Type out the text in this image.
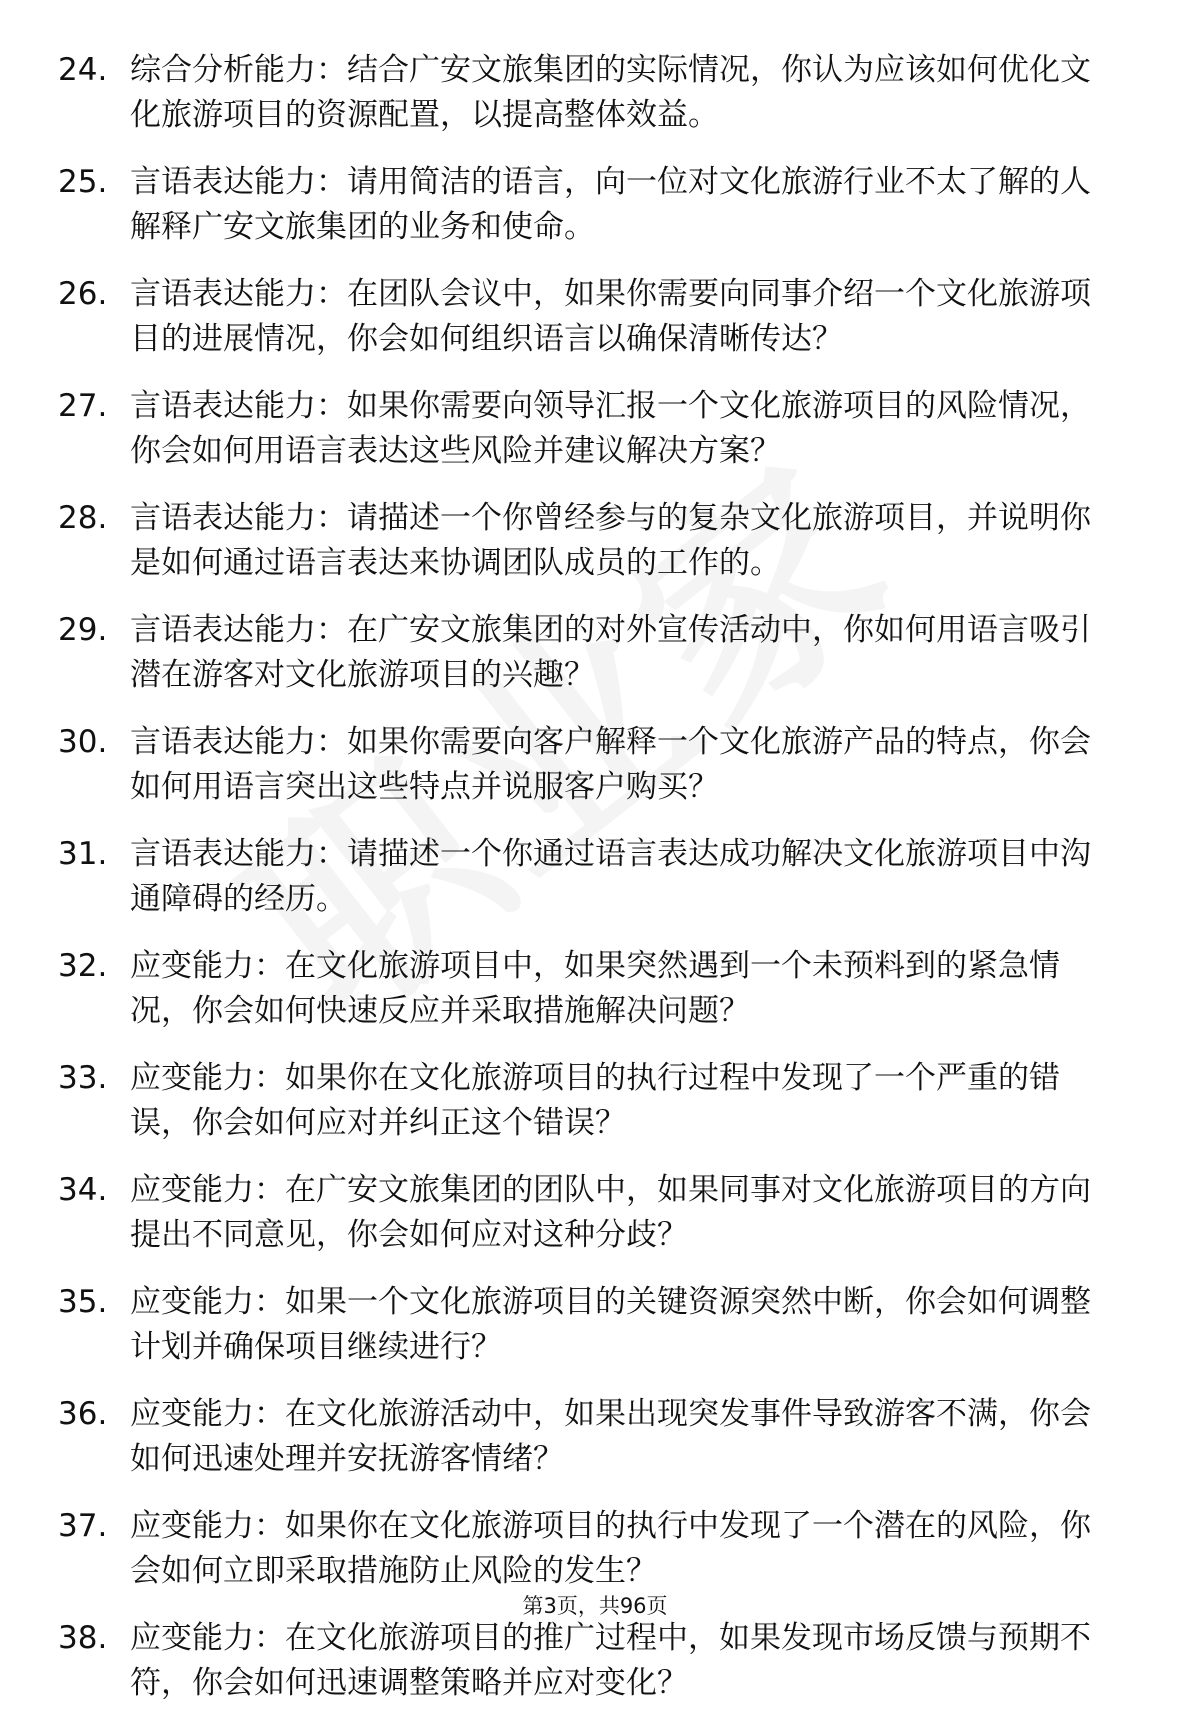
24. 综合分析能力：结合广安文旅集团的实际情况，你认为应该如何优化文化旅游项目的资源配置，以提高整体效益。
25. 言语表达能力：请用简洁的语言，向一位对文化旅游行业不太了解的人解释广安文旅集团的业务和使命。
26. 言语表达能力：在团队会议中，如果你需要向同事介绍一个文化旅游项目的进展情况，你会如何组织语言以确保清晰传达？
27. 言语表达能力：如果你需要向领导汇报一个文化旅游项目的风险情况，你会如何用语言表达这些风险并建议解决方案？
28. 言语表达能力：请描述一个你曾经参与的复杂文化旅游项目，并说明你是如何通过语言表达来协调团队成员的工作的。
29. 言语表达能力：在广安文旅集团的对外宣传活动中，你如何用语言吸引潜在游客对文化旅游项目的兴趣？
30. 言语表达能力：如果你需要向客户解释一个文化旅游产品的特点，你会如何用语言突出这些特点并说服客户购买？
31. 言语表达能力：请描述一个你通过语言表达成功解决文化旅游项目中沟通障碍的经历。
32. 应变能力：在文化旅游项目中，如果突然遇到一个未预料到的紧急情况，你会如何快速反应并采取措施解决问题？
33. 应变能力：如果你在文化旅游项目的执行过程中发现了一个严重的错误，你会如何应对并纠正这个错误？
34. 应变能力：在广安文旅集团的团队中，如果同事对文化旅游项目的方向提出不同意见，你会如何应对这种分歧？
35. 应变能力：如果一个文化旅游项目的关键资源突然中断，你会如何调整计划并确保项目继续进行？
36. 应变能力：在文化旅游活动中，如果出现突发事件导致游客不满，你会如何迅速处理并安抚游客情绪？
37. 应变能力：如果你在文化旅游项目的执行中发现了一个潜在的风险，你会如何立即采取措施防止风险的发生？
38. 应变能力：在文化旅游项目的推广过程中，如果发现市场反馈与预期不符，你会如何迅速调整策略并应对变化？
第3页，共96页
